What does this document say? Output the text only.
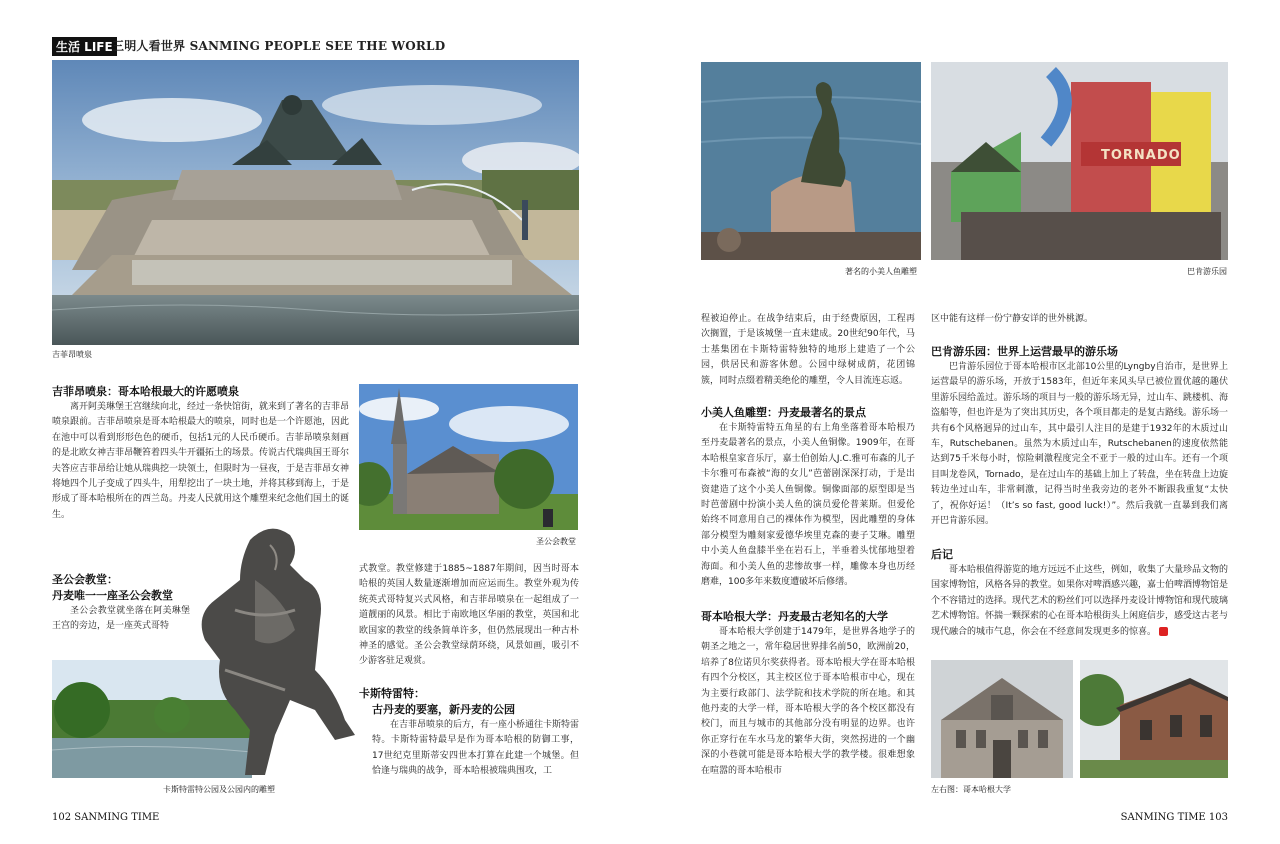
生活 LIFE 三明人看世界 SANMING PEOPLE SEE THE WORLD
吉菲昂喷泉
吉菲昂喷泉：哥本哈根最大的许愿喷泉
离开阿美琳堡王宫继续向北，经过一条快馆街，就来到了著名的吉菲昂喷泉跟前。吉菲昂喷泉是哥本哈根最大的喷泉，同时也是一个许愿池，因此在池中可以看到形形色色的硬币，包括1元的人民币硬币。吉菲昂喷泉刻画的是北欧女神吉菲昂鞭笞着四头牛开疆拓土的场景。传说古代瑞典国王哥尔夫答应吉菲昂给让她从瑞典挖一块领土，但限时为一昼夜，于是吉菲昂女神将她四个儿子变成了四头牛，用犁挖出了一块土地，并将其移到海上，于是形成了哥本哈根所在的西兰岛。丹麦人民就用这个雕塑来纪念他们国土的诞生。
圣公会教堂：
丹麦唯一一座圣公会教堂
圣公会教堂就坐落在阿美琳堡王宫的旁边，是一座英式哥特
圣公会教堂
卡斯特雷特公园及公园内的雕塑
式教堂。教堂修建于1885~1887年期间，因当时哥本哈根的英国人数量逐渐增加而应运而生。教堂外观为传统英式哥特复兴式风格，和吉菲昂喷泉在一起组成了一道靓丽的风景。相比于南欧地区华丽的教堂，英国和北欧国家的教堂的线条简单许多，但仍然展现出一种古朴神圣的感觉。圣公会教堂绿荫环绕，风景如画，吸引不少游客驻足观赏。
卡斯特雷特：
古丹麦的要塞，新丹麦的公园
在吉菲昂喷泉的后方，有一座小桥通往卡斯特雷特。卡斯特雷特最早是作为哥本哈根的防御工事，17世纪克里斯蒂安四世本打算在此建一个城堡。但恰逢与瑞典的战争，哥本哈根被瑞典围攻，工
著名的小美人鱼雕塑
TORNADO
巴肯游乐园
程被迫停止。在战争结束后，由于经费原因，工程再次搁置，于是该城堡一直未建成。20世纪90年代，马士基集团在卡斯特雷特独特的地形上建造了一个公园，供居民和游客休憩。公园中绿树成荫，花团锦簇，同时点缀着精美绝伦的雕塑，令人目流连忘返。
小美人鱼雕塑：丹麦最著名的景点
在卡斯特雷特五角星的右上角坐落着哥本哈根乃至丹麦最著名的景点，小美人鱼铜像。1909年，在哥本哈根皇家音乐厅，嘉士伯创始人J.C.雅可布森的儿子卡尔雅可布森被“海的女儿”芭蕾剧深深打动，于是出资建造了这个小美人鱼铜像。铜像面部的原型即是当时芭蕾剧中扮演小美人鱼的演员爱伦普莱斯。但爱伦始终不同意用自己的裸体作为模型，因此雕塑的身体部分模型为雕刻家爱德华埃里克森的妻子艾琳。雕塑中小美人鱼盘膝半坐在岩石上，半垂着头忧郁地望着海面。和小美人鱼的悲惨故事一样，雕像本身也历经磨难，100多年来数度遭破坏后修缮。
哥本哈根大学：丹麦最古老知名的大学
哥本哈根大学创建于1479年，是世界各地学子的朝圣之地之一，常年稳居世界排名前50，欧洲前20，培养了8位诺贝尔奖获得者。哥本哈根大学在哥本哈根有四个分校区，其主校区位于哥本哈根市中心，现在为主要行政部门、法学院和技术学院的所在地。和其他丹麦的大学一样，哥本哈根大学的各个校区都没有校门，而且与城市的其他部分没有明显的边界。也许你正穿行在车水马龙的繁华大街，突然拐进的一个幽深的小巷就可能是哥本哈根大学的教学楼。很难想象在喧嚣的哥本哈根市
区中能有这样一份宁静安详的世外桃源。
巴肯游乐园：世界上运营最早的游乐场
巴肯游乐园位于哥本哈根市区北部10公里的Lyngby自治市，是世界上运营最早的游乐场，开放于1583年，但近年来风头早已被位置优越的趣伏里游乐园给盖过。游乐场的项目与一般的游乐场无异，过山车、跳楼机、海盗船等，但也许是为了突出其历史，各个项目都走的是复古路线。游乐场一共有6个风格迥异的过山车，其中最引人注目的是建于1932年的木质过山车，Rutschebanen。虽然为木质过山车，Rutschebanen的速度依然能达到75千米每小时，惊险刺激程度完全不亚于一般的过山车。还有一个项目叫龙卷风，Tornado，是在过山车的基础上加上了转盘，坐在转盘上边旋转边坐过山车，非常刺激，记得当时坐我旁边的老外不断跟我重复“太快了，祝你好运！（It’s so fast, good luck!）”。然后我就一直暴到我们离开巴肯游乐园。
后记
哥本哈根值得游览的地方远远不止这些，例如，收集了大量珍品文物的国家博物馆，风格各异的教堂。如果你对啤酒感兴趣，嘉士伯啤酒博物馆是个不容错过的选择。现代艺术的粉丝们可以选择丹麦设计博物馆和现代玻璃艺术博物馆。怀揣一颗探索的心在哥本哈根街头上闲庭信步，感受这古老与现代融合的城市气息，你会在不经意间发现更多的惊喜。
左右图：哥本哈根大学
102 SANMING TIME	SANMING TIME 103
